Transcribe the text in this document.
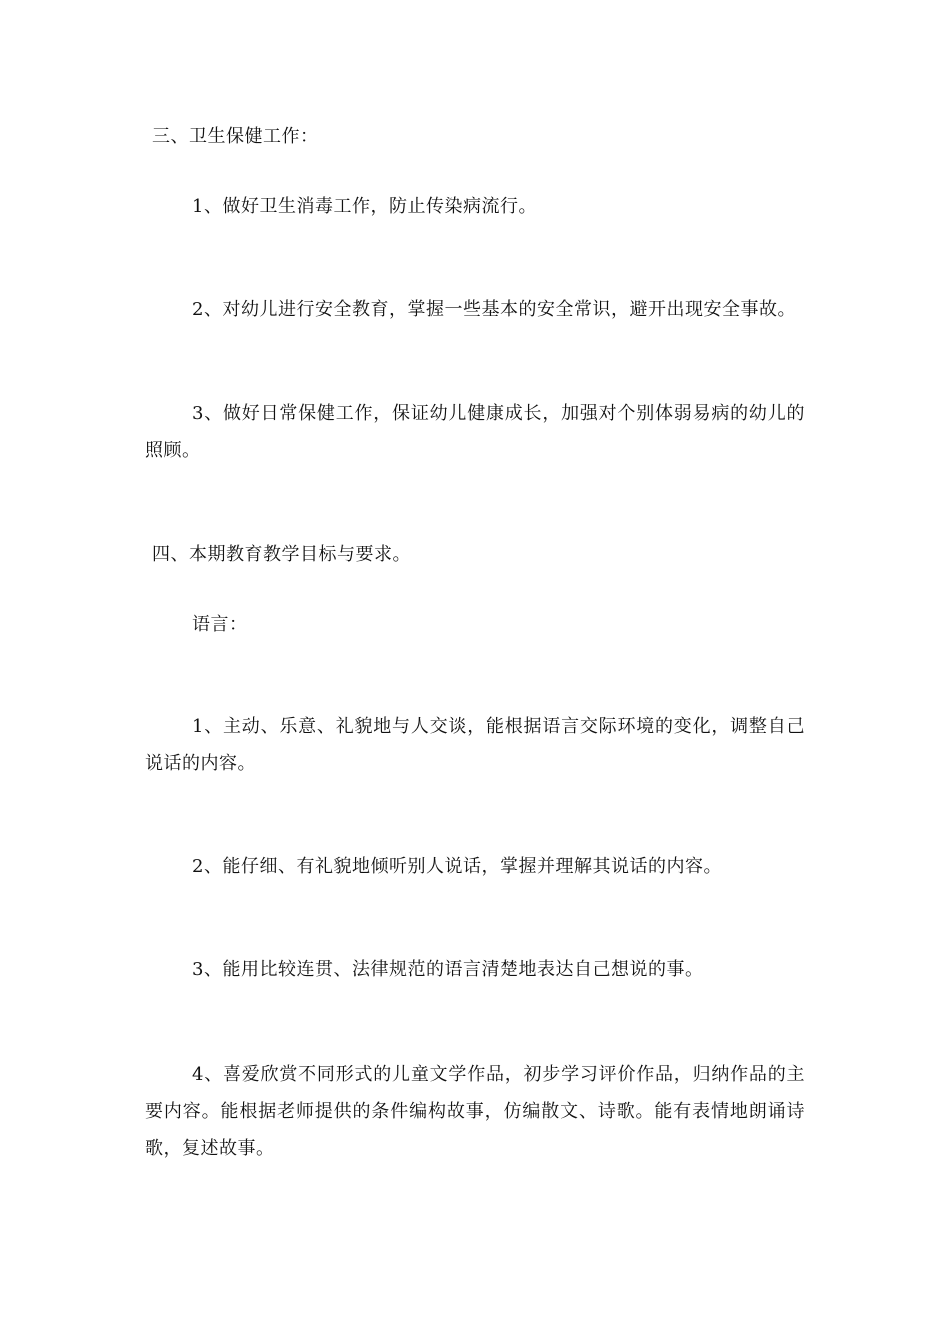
三、卫生保健工作：
1、做好卫生消毒工作，防止传染病流行。
2、对幼儿进行安全教育，掌握一些基本的安全常识，避开出现安全事故。
3、做好日常保健工作，保证幼儿健康成长，加强对个别体弱易病的幼儿的照顾。
四、本期教育教学目标与要求。
语言：
1、主动、乐意、礼貌地与人交谈，能根据语言交际环境的变化，调整自己说话的内容。
2、能仔细、有礼貌地倾听别人说话，掌握并理解其说话的内容。
3、能用比较连贯、法律规范的语言清楚地表达自己想说的事。
4、喜爱欣赏不同形式的儿童文学作品，初步学习评价作品，归纳作品的主要内容。能根据老师提供的条件编构故事，仿编散文、诗歌。能有表情地朗诵诗歌，复述故事。
